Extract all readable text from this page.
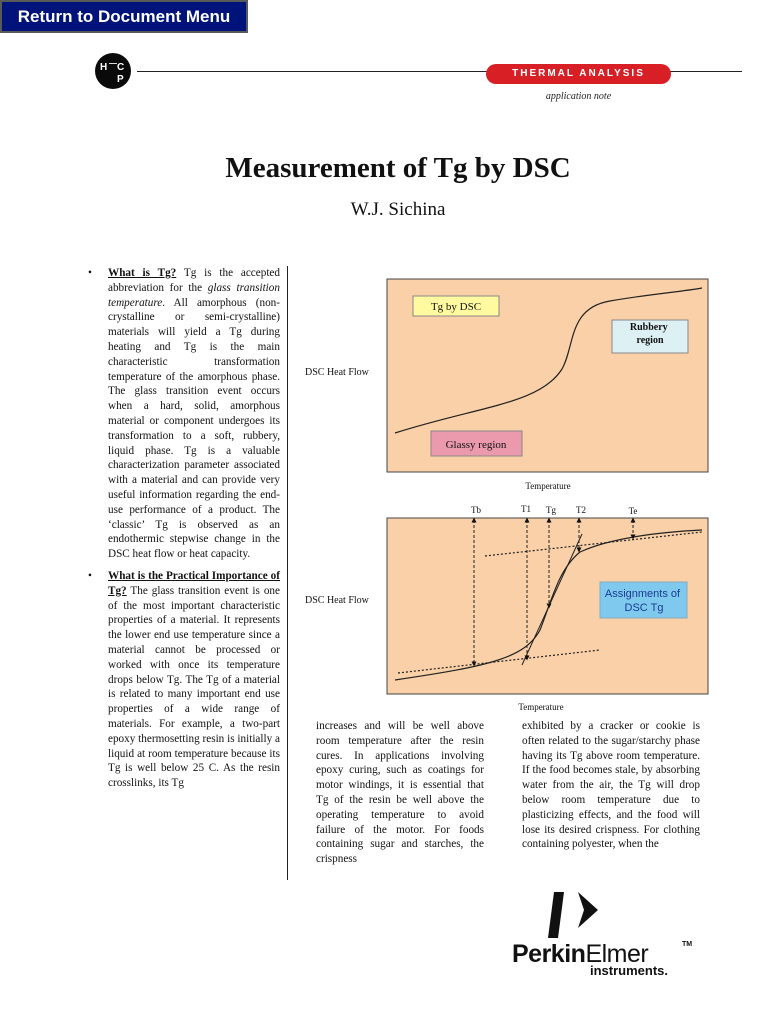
Return to Document Menu
H — C
P
THERMAL ANALYSIS
application note
Measurement of Tg by DSC
W.J. Sichina

• What is Tg? Tg is the accepted abbreviation for the glass transition temperature. All amorphous (non-crystalline or semi-crystalline) materials will yield a Tg during heating and Tg is the main characteristic transformation temperature of the amorphous phase. The glass transition event occurs when a hard, solid, amorphous material or component undergoes its transformation to a soft, rubbery, liquid phase. Tg is a valuable characterization parameter associated with a material and can provide very useful information regarding the end-use performance of a product. The ‘classic’ Tg is observed as an endothermic stepwise change in the DSC heat flow or heat capacity.

• What is the Practical Importance of Tg? The glass transition event is one of the most important characteristic properties of a material. It represents the lower end use temperature since a material cannot be processed or worked with once its temperature drops below Tg. The Tg of a material is related to many important end use properties of a wide range of materials. For example, a two-part epoxy thermosetting resin is initially a liquid at room temperature because its Tg is well below 25 C. As the resin crosslinks, its Tg

Tg by DSC
Rubbery region
Glassy region
DSC Heat Flow
Temperature
Tb	T1 Tg T2	Te
Assignments of DSC Tg
DSC Heat Flow
Temperature
increases and will be well above room temperature after the resin cures. In applications involving epoxy curing, such as coatings for motor windings, it is essential that Tg of the resin be well above the operating temperature to avoid failure of the motor. For foods containing sugar and starches, the crispness
exhibited by a cracker or cookie is often related to the sugar/starchy phase having its Tg above room temperature. If the food becomes stale, by absorbing water from the air, the Tg will drop below room temperature due to plasticizing effects, and the food will lose its desired crispness. For clothing containing polyester, when the
PerkinElmer	TM
instruments.
